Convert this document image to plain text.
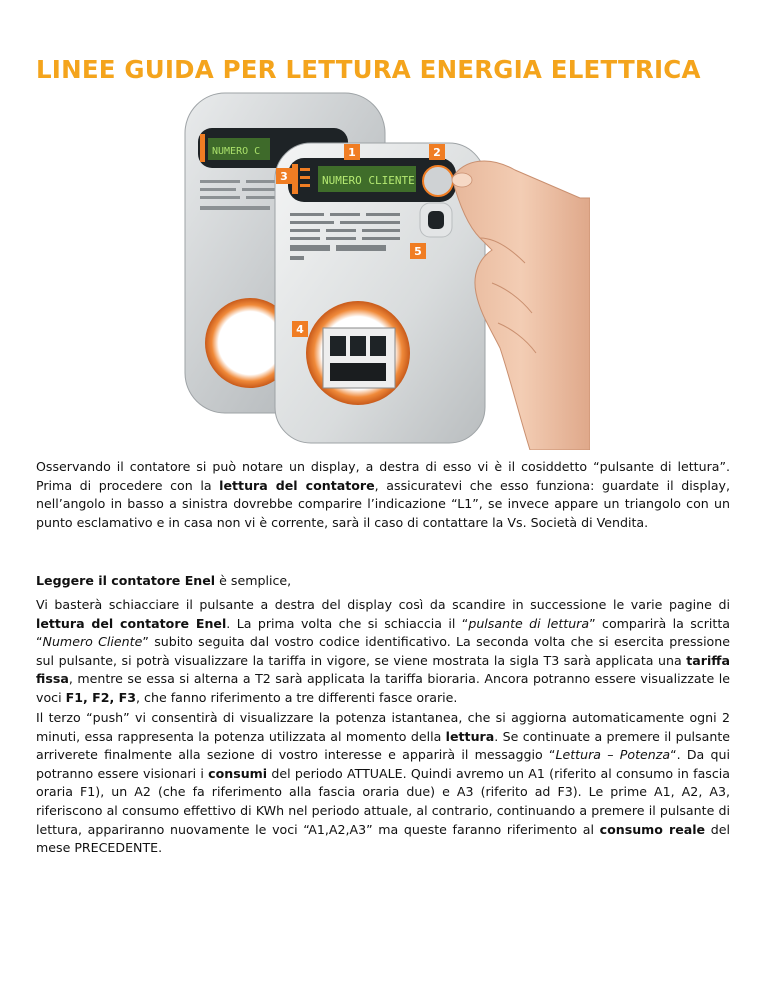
LINEE GUIDA PER LETTURA ENERGIA ELETTRICA
NUMERO C
NUMERO CLIENTE
1	2
3
4
5
Osservando il contatore si può notare un display, a destra di esso vi è il cosiddetto “pulsante di lettura”. Prima di procedere con la lettura del contatore, assicuratevi che esso funziona: guardate il display, nell’angolo in basso a sinistra dovrebbe comparire l’indicazione “L1”, se invece appare un triangolo con un punto esclamativo e in casa non vi è corrente, sarà il caso di contattare la Vs. Società di Vendita.
Leggere il contatore Enel è semplice,
Vi basterà schiacciare il pulsante a destra del display così da scandire in successione le varie pagine di lettura del contatore Enel. La prima volta che si schiaccia il “pulsante di lettura” comparirà la scritta “Numero Cliente” subito seguita dal vostro codice identificativo. La seconda volta che si esercita pressione sul pulsante, si potrà visualizzare la tariffa in vigore, se viene mostrata la sigla T3 sarà applicata una tariffa fissa, mentre se essa si alterna a T2 sarà applicata la tariffa bioraria. Ancora potranno essere visualizzate le voci F1, F2, F3, che fanno riferimento a tre differenti fasce orarie.
Il terzo “push” vi consentirà di visualizzare la potenza istantanea, che si aggiorna automaticamente ogni 2 minuti, essa rappresenta la potenza utilizzata al momento della lettura. Se continuate a premere il pulsante arriverete finalmente alla sezione di vostro interesse e apparirà il messaggio “Lettura – Potenza“. Da qui potranno essere visionari i consumi del periodo ATTUALE. Quindi avremo un A1 (riferito al consumo in fascia oraria F1), un A2 (che fa riferimento alla fascia oraria due) e A3 (riferito ad F3). Le prime A1, A2, A3, riferiscono al consumo effettivo di KWh nel periodo attuale, al contrario, continuando a premere il pulsante di lettura, appariranno nuovamente le voci “A1,A2,A3” ma queste faranno riferimento al consumo reale del mese PRECEDENTE.
